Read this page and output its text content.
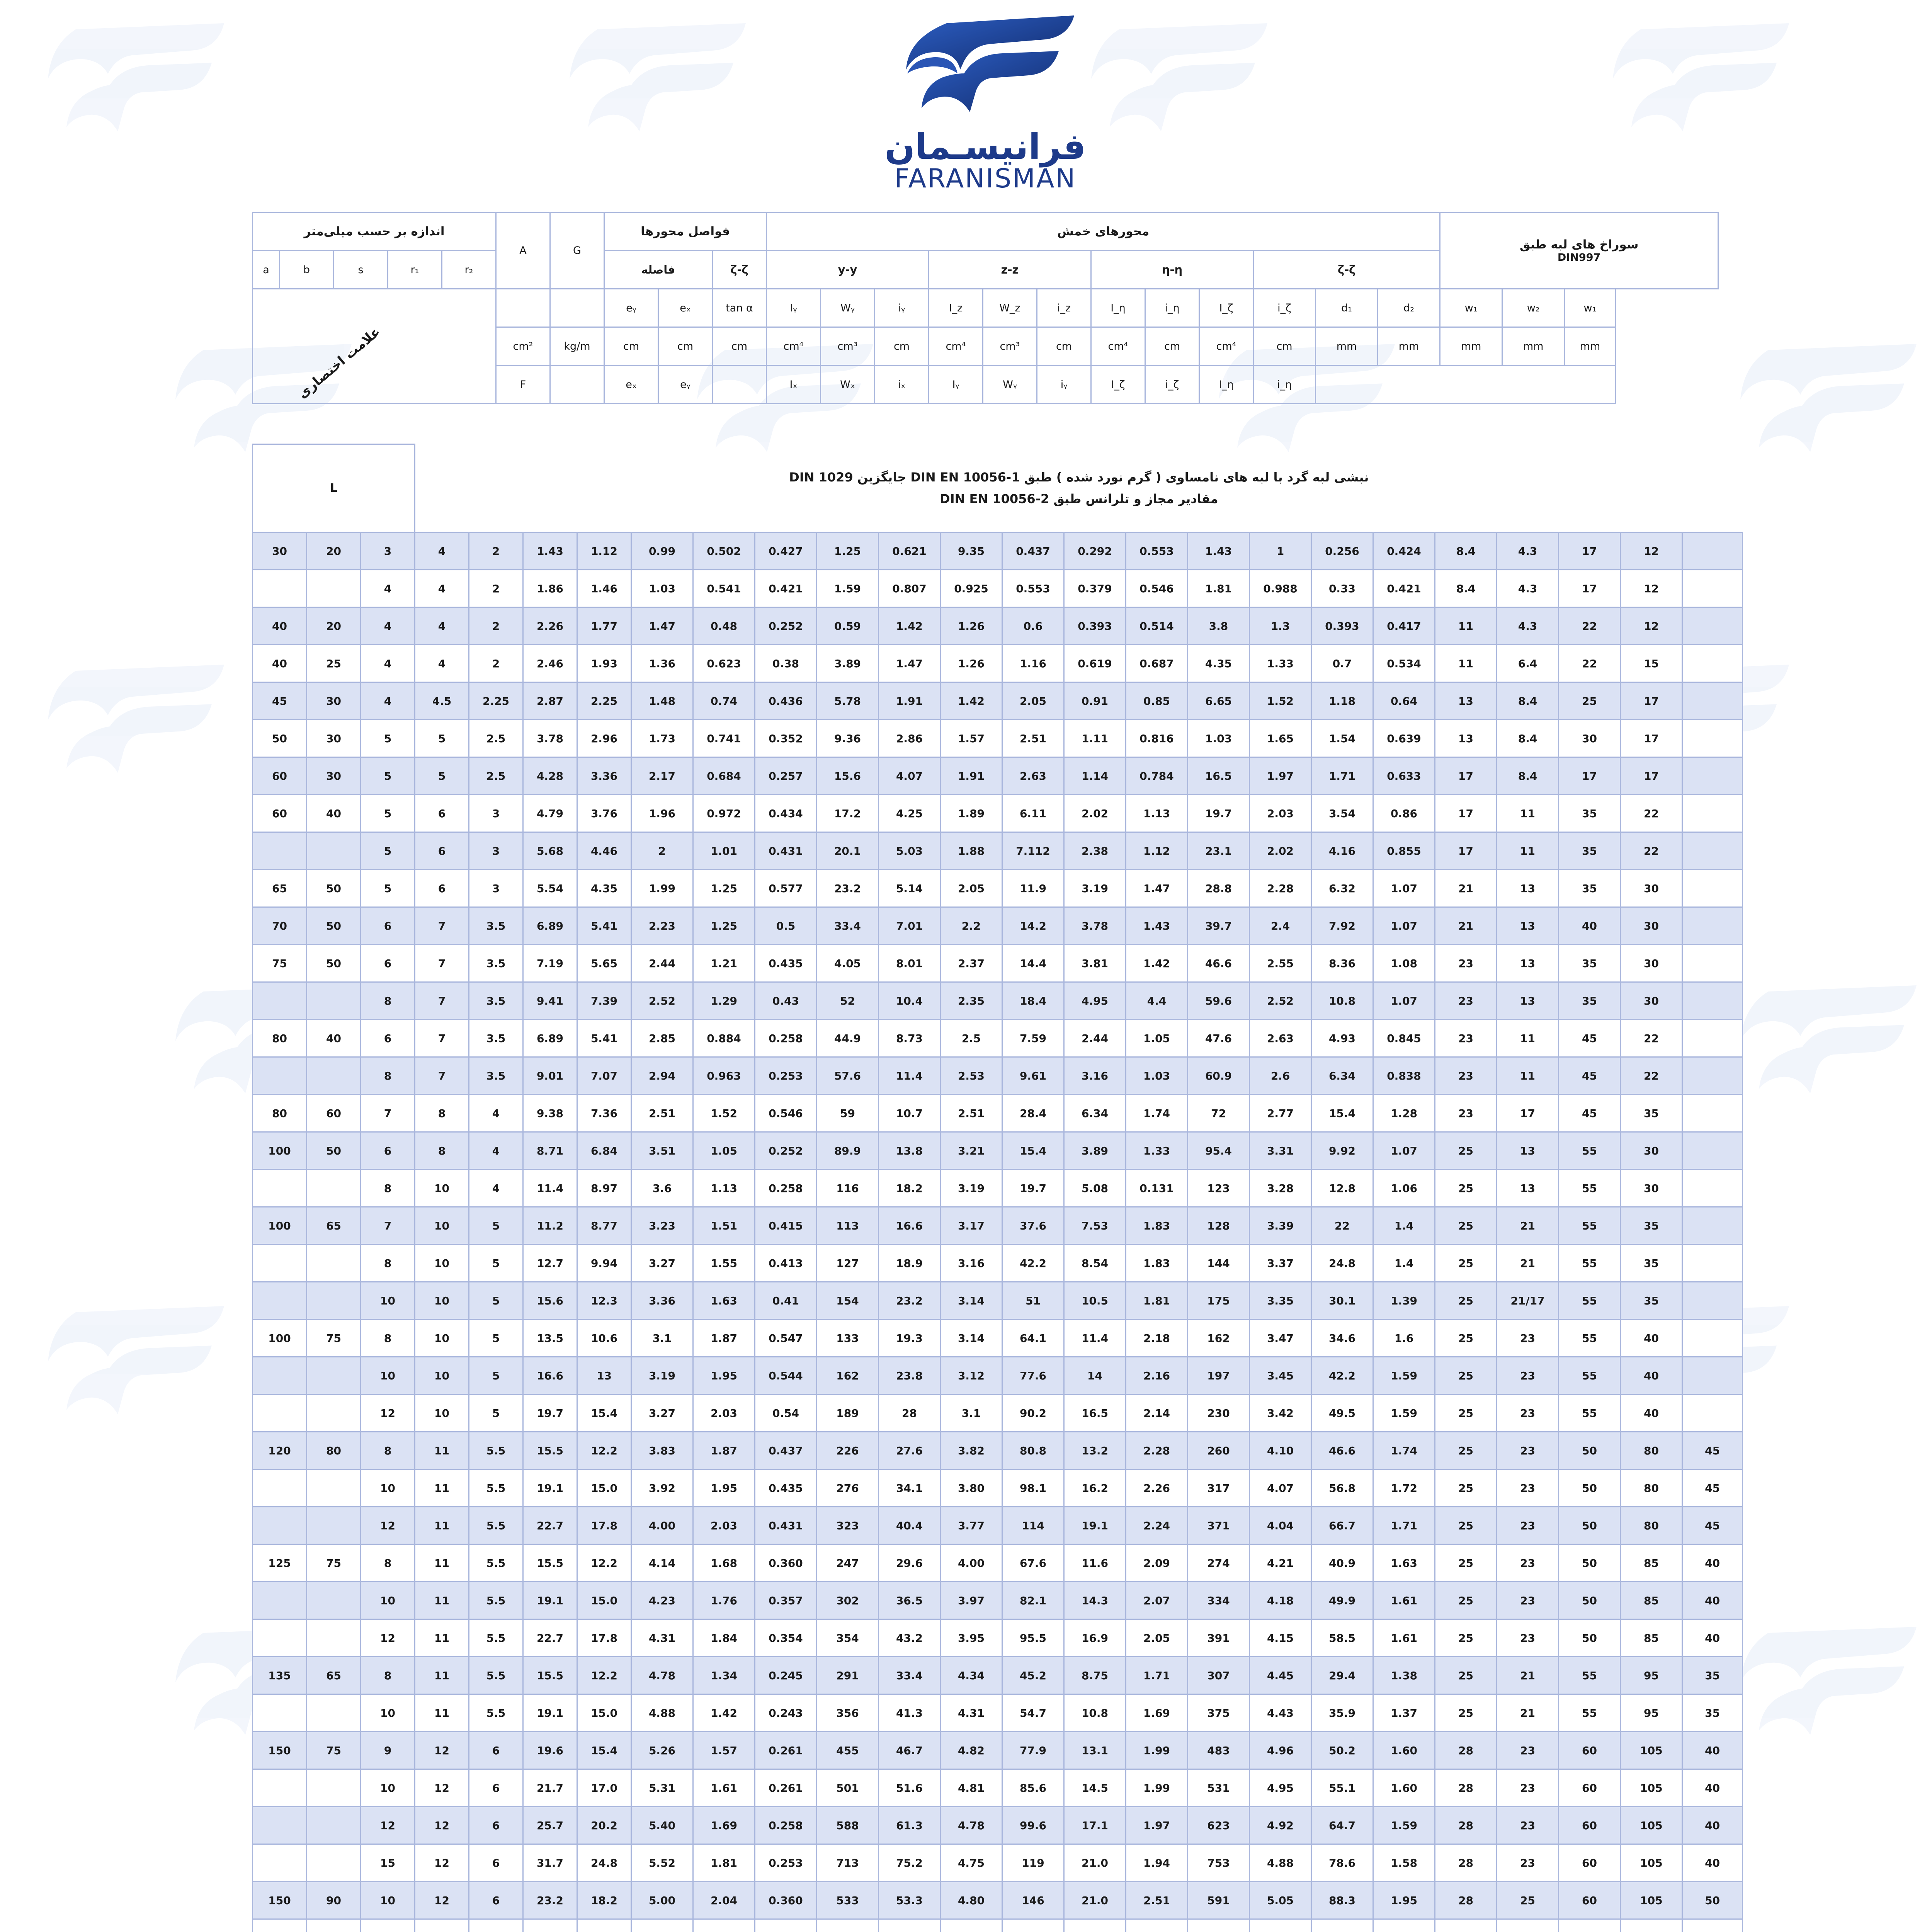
فرانیسـمان
FARANISMAN
اندازه بر حسب میلی‌متر					A	G	فواصل محورها			محورهای خمش												سوراخ های لبه طبق
DIN997		

a	b	s	r₁	r₂			فاصله		ζ-ζ	y-y			z-z			η-η			ζ-ζ					

علامت اختصاری							eᵧ	eₓ	tan α	Iᵧ	Wᵧ	iᵧ	I_z	W_z	i_z	I_η	i_η	I_ζ	i_ζ	d₁	d₂	w₁	w₂	w₁
					cm²	kg/m	cm	cm	cm	cm⁴	cm³	cm	cm⁴	cm³	cm	cm⁴	cm	cm⁴	cm	mm	mm	mm	mm	mm
					F		eₓ	eᵧ		Iₓ	Wₓ	iₓ	Iᵧ	Wᵧ	iᵧ	I_ζ	i_ζ	I_η	i_η					
L			نبشی لبه گرد با لبه های نامساوی ( گرم نورد شده ) طبق DIN EN 10056-1 جایگزین DIN 1029
مقادیر مجاز و تلرانس طبق DIN EN 10056-2																					

30	20	3	4	2	1.43	1.12	0.99	0.502	0.427	1.25	0.621	9.35	0.437	0.292	0.553	1.43	1	0.256	0.424	8.4	4.3	17	12	
		4	4	2	1.86	1.46	1.03	0.541	0.421	1.59	0.807	0.925	0.553	0.379	0.546	1.81	0.988	0.33	0.421	8.4	4.3	17	12	
40	20	4	4	2	2.26	1.77	1.47	0.48	0.252	0.59	1.42	1.26	0.6	0.393	0.514	3.8	1.3	0.393	0.417	11	4.3	22	12	
40	25	4	4	2	2.46	1.93	1.36	0.623	0.38	3.89	1.47	1.26	1.16	0.619	0.687	4.35	1.33	0.7	0.534	11	6.4	22	15	
45	30	4	4.5	2.25	2.87	2.25	1.48	0.74	0.436	5.78	1.91	1.42	2.05	0.91	0.85	6.65	1.52	1.18	0.64	13	8.4	25	17	
50	30	5	5	2.5	3.78	2.96	1.73	0.741	0.352	9.36	2.86	1.57	2.51	1.11	0.816	1.03	1.65	1.54	0.639	13	8.4	30	17	
60	30	5	5	2.5	4.28	3.36	2.17	0.684	0.257	15.6	4.07	1.91	2.63	1.14	0.784	16.5	1.97	1.71	0.633	17	8.4	17	17	
60	40	5	6	3	4.79	3.76	1.96	0.972	0.434	17.2	4.25	1.89	6.11	2.02	1.13	19.7	2.03	3.54	0.86	17	11	35	22	
		5	6	3	5.68	4.46	2	1.01	0.431	20.1	5.03	1.88	7.112	2.38	1.12	23.1	2.02	4.16	0.855	17	11	35	22	
65	50	5	6	3	5.54	4.35	1.99	1.25	0.577	23.2	5.14	2.05	11.9	3.19	1.47	28.8	2.28	6.32	1.07	21	13	35	30	
70	50	6	7	3.5	6.89	5.41	2.23	1.25	0.5	33.4	7.01	2.2	14.2	3.78	1.43	39.7	2.4	7.92	1.07	21	13	40	30	
75	50	6	7	3.5	7.19	5.65	2.44	1.21	0.435	4.05	8.01	2.37	14.4	3.81	1.42	46.6	2.55	8.36	1.08	23	13	35	30	
		8	7	3.5	9.41	7.39	2.52	1.29	0.43	52	10.4	2.35	18.4	4.95	4.4	59.6	2.52	10.8	1.07	23	13	35	30	
80	40	6	7	3.5	6.89	5.41	2.85	0.884	0.258	44.9	8.73	2.5	7.59	2.44	1.05	47.6	2.63	4.93	0.845	23	11	45	22	
		8	7	3.5	9.01	7.07	2.94	0.963	0.253	57.6	11.4	2.53	9.61	3.16	1.03	60.9	2.6	6.34	0.838	23	11	45	22	
80	60	7	8	4	9.38	7.36	2.51	1.52	0.546	59	10.7	2.51	28.4	6.34	1.74	72	2.77	15.4	1.28	23	17	45	35	
100	50	6	8	4	8.71	6.84	3.51	1.05	0.252	89.9	13.8	3.21	15.4	3.89	1.33	95.4	3.31	9.92	1.07	25	13	55	30	
		8	10	4	11.4	8.97	3.6	1.13	0.258	116	18.2	3.19	19.7	5.08	0.131	123	3.28	12.8	1.06	25	13	55	30	
100	65	7	10	5	11.2	8.77	3.23	1.51	0.415	113	16.6	3.17	37.6	7.53	1.83	128	3.39	22	1.4	25	21	55	35	
		8	10	5	12.7	9.94	3.27	1.55	0.413	127	18.9	3.16	42.2	8.54	1.83	144	3.37	24.8	1.4	25	21	55	35	
		10	10	5	15.6	12.3	3.36	1.63	0.41	154	23.2	3.14	51	10.5	1.81	175	3.35	30.1	1.39	25	21/17	55	35	
100	75	8	10	5	13.5	10.6	3.1	1.87	0.547	133	19.3	3.14	64.1	11.4	2.18	162	3.47	34.6	1.6	25	23	55	40	
		10	10	5	16.6	13	3.19	1.95	0.544	162	23.8	3.12	77.6	14	2.16	197	3.45	42.2	1.59	25	23	55	40	
		12	10	5	19.7	15.4	3.27	2.03	0.54	189	28	3.1	90.2	16.5	2.14	230	3.42	49.5	1.59	25	23	55	40	
120	80	8	11	5.5	15.5	12.2	3.83	1.87	0.437	226	27.6	3.82	80.8	13.2	2.28	260	4.10	46.6	1.74	25	23	50	80	45
		10	11	5.5	19.1	15.0	3.92	1.95	0.435	276	34.1	3.80	98.1	16.2	2.26	317	4.07	56.8	1.72	25	23	50	80	45
		12	11	5.5	22.7	17.8	4.00	2.03	0.431	323	40.4	3.77	114	19.1	2.24	371	4.04	66.7	1.71	25	23	50	80	45
125	75	8	11	5.5	15.5	12.2	4.14	1.68	0.360	247	29.6	4.00	67.6	11.6	2.09	274	4.21	40.9	1.63	25	23	50	85	40
		10	11	5.5	19.1	15.0	4.23	1.76	0.357	302	36.5	3.97	82.1	14.3	2.07	334	4.18	49.9	1.61	25	23	50	85	40
		12	11	5.5	22.7	17.8	4.31	1.84	0.354	354	43.2	3.95	95.5	16.9	2.05	391	4.15	58.5	1.61	25	23	50	85	40
135	65	8	11	5.5	15.5	12.2	4.78	1.34	0.245	291	33.4	4.34	45.2	8.75	1.71	307	4.45	29.4	1.38	25	21	55	95	35
		10	11	5.5	19.1	15.0	4.88	1.42	0.243	356	41.3	4.31	54.7	10.8	1.69	375	4.43	35.9	1.37	25	21	55	95	35
150	75	9	12	6	19.6	15.4	5.26	1.57	0.261	455	46.7	4.82	77.9	13.1	1.99	483	4.96	50.2	1.60	28	23	60	105	40
		10	12	6	21.7	17.0	5.31	1.61	0.261	501	51.6	4.81	85.6	14.5	1.99	531	4.95	55.1	1.60	28	23	60	105	40
		12	12	6	25.7	20.2	5.40	1.69	0.258	588	61.3	4.78	99.6	17.1	1.97	623	4.92	64.7	1.59	28	23	60	105	40
		15	12	6	31.7	24.8	5.52	1.81	0.253	713	75.2	4.75	119	21.0	1.94	753	4.88	78.6	1.58	28	23	60	105	40
150	90	10	12	6	23.2	18.2	5.00	2.04	0.360	533	53.3	4.80	146	21.0	2.51	591	5.05	88.3	1.95	28	25	60	105	50
